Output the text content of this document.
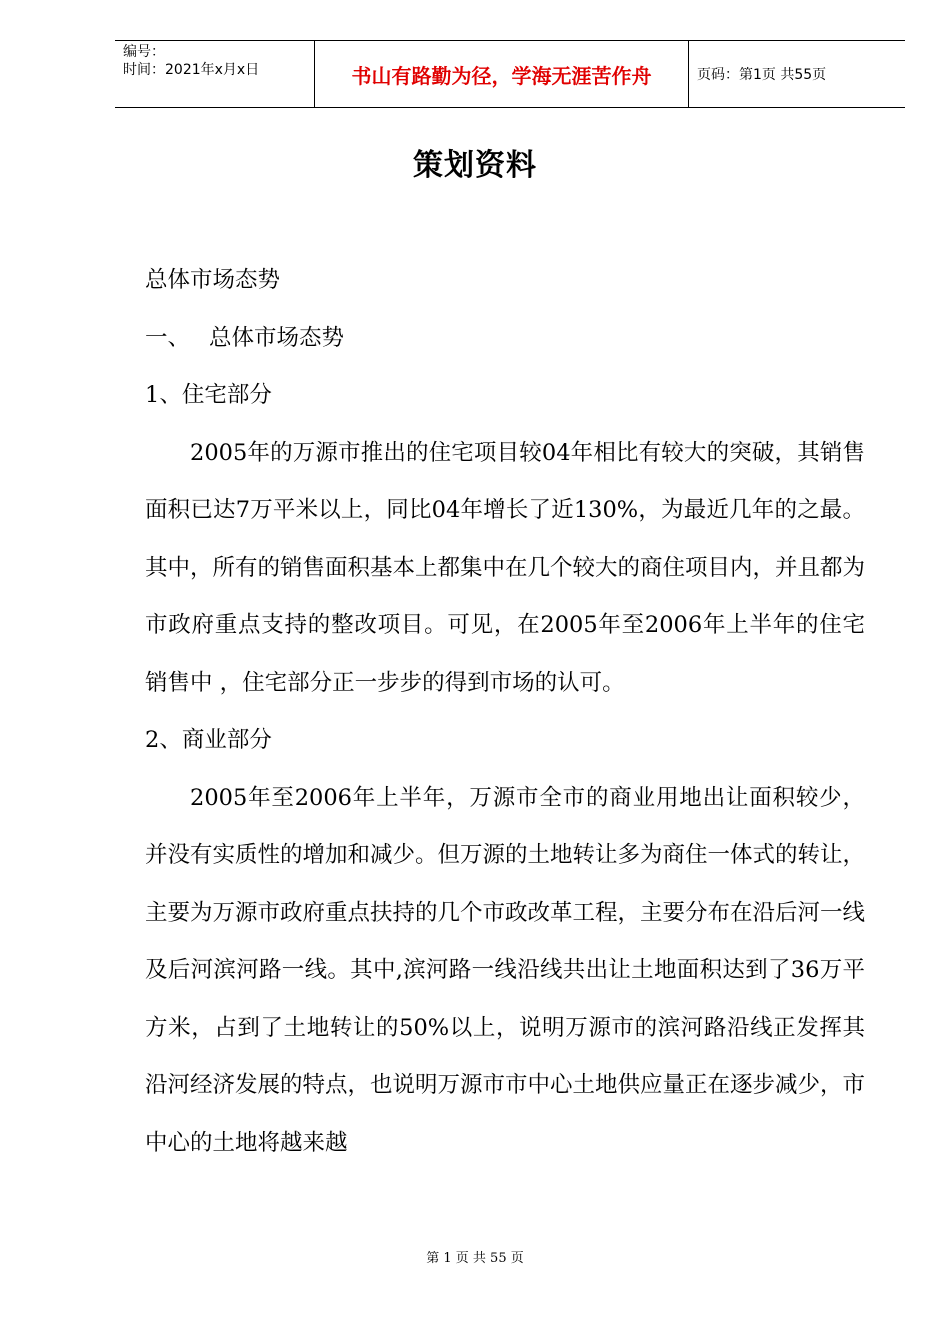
编号：
时间：2021年x月x日	书山有路勤为径，学海无涯苦作舟	页码：第1页 共55页
策划资料

总体市场态势

一、 总体市场态势

1、住宅部分

2005年的万源市推出的住宅项目较04年相比有较大的突破，其销售面积已达7万平米以上，同比04年增长了近130%，为最近几年的之最。其中，所有的销售面积基本上都集中在几个较大的商住项目内，并且都为市政府重点支持的整改项目。可见，在2005年至2006年上半年的住宅销售中 ，住宅部分正一步步的得到市场的认可。

2、商业部分

2005年至2006年上半年，万源市全市的商业用地出让面积较少，并没有实质性的增加和减少。但万源的土地转让多为商住一体式的转让，主要为万源市政府重点扶持的几个市政改革工程，主要分布在沿后河一线及后河滨河路一线。其中,滨河路一线沿线共出让土地面积达到了36万平方米，占到了土地转让的50%以上，说明万源市的滨河路沿线正发挥其沿河经济发展的特点，也说明万源市市中心土地供应量正在逐步减少，市中心的土地将越来越

第 1 页 共 55 页
